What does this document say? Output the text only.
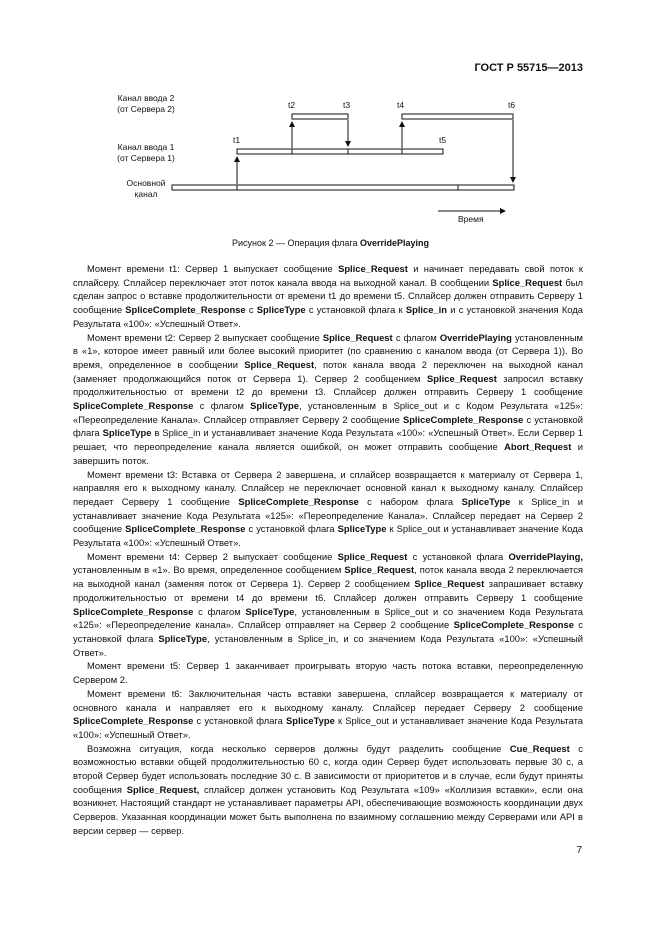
ГОСТ Р 55715—2013
Канал ввода 2
(от Сервера 2)
Канал ввода 1
(от Сервера 1)
Основной
канал
t1
t2	t3	t4
t5
t6
Время
Рисунок 2 — Операция флага OverridePlaying

Момент времени t1: Сервер 1 выпускает сообщение Splice_Request и начинает передавать свой поток к сплайсеру. Сплайсер переключает этот поток канала ввода на выходной канал. В сообщении Splice_Request был сделан запрос о вставке продолжительности от времени t1 до времени t5. Сплайсер должен отправить Серверу 1 сообщение SpliceComplete_Response с SpliceType с установкой флага к Splice_in и с установкой значения Кода Результата «100»: «Успешный Ответ».

Момент времени t2: Сервер 2 выпускает сообщение Splice_Request с флагом OverridePlaying установленным в «1», которое имеет равный или более высокий приоритет (по сравнению с каналом ввода (от Сервера 1)). Во время, определенное в сообщении Splice_Request, поток канала ввода 2 переключен на выходной канал (заменяет продолжающийся поток от Сервера 1). Сервер 2 сообщением Splice_Request запросил вставку продолжительностью от времени t2 до времени t3. Сплайсер должен отправить Серверу 1 сообщение SpliceComplete_Response с флагом SpliceType, установленным в Splice_out и с Кодом Результата «125»: «Переопределение Канала». Сплайсер отправляет Серверу 2 сообщение SpliceComplete_Response с установкой флага SpliceType в Splice_in и устанавливает значение Кода Результата «100»: «Успешный Ответ». Если Сервер 1 решает, что переопределение канала является ошибкой, он может отправить сообщение Abort_Request и завершить поток.

Момент времени t3: Вставка от Сервера 2 завершена, и сплайсер возвращается к материалу от Сервера 1, направляя его к выходному каналу. Сплайсер не переключает основной канал к выходному каналу. Сплайсер передает Серверу 1 сообщение SpliceComplete_Response с набором флага SpliceType к Splice_in и устанавливает значение Кода Результата «125»: «Переопределение Канала». Сплайсер передает на Сервер 2 сообщение SpliceComplete_Response с установкой флага SpliceType к Splice_out и устанавливает значение Кода Результата «100»: «Успешный Ответ».

Момент времени t4: Сервер 2 выпускает сообщение Splice_Request с установкой флага OverridePlaying, установленным в «1». Во время, определенное сообщением Splice_Request, поток канала ввода 2 переключается на выходной канал (заменяя поток от Сервера 1). Сервер 2 сообщением Splice_Request запрашивает вставку продолжительностью от времени t4 до времени t6. Сплайсер должен отправить Серверу 1 сообщение SpliceComplete_Response с флагом SpliceType, установленным в Splice_out и со значением Кода Результата «125»: «Переопределение канала». Сплайсер отправляет на Сервер 2 сообщение SpliceComplete_Response с установкой флага SpliceType, установленным в Splice_in, и со значением Кода Результата «100»: «Успешный Ответ».

Момент времени t5: Сервер 1 заканчивает проигрывать вторую часть потока вставки, переопределенную Сервером 2.

Момент времени t6: Заключительная часть вставки завершена, сплайсер возвращается к материалу от основного канала и направляет его к выходному каналу. Сплайсер передает Серверу 2 сообщение SpliceComplete_Response с установкой флага SpliceType к Splice_out и устанавливает значение Кода Результата «100»: «Успешный Ответ».

Возможна ситуация, когда несколько серверов должны будут разделить сообщение Cue_Request с возможностью вставки общей продолжительностью 60 с, когда один Сервер будет использовать первые 30 с, а второй Сервер будет использовать последние 30 с. В зависимости от приоритетов и в случае, если будут приняты сообщения Splice_Request, сплайсер должен установить Код Результата «109» «Коллизия вставки», если она возникнет. Настоящий стандарт не устанавливает параметры API, обеспечивающие возможность координации двух Серверов. Указанная координации может быть выполнена по взаимному соглашению между Серверами или API в версии сервер — сервер.

7
